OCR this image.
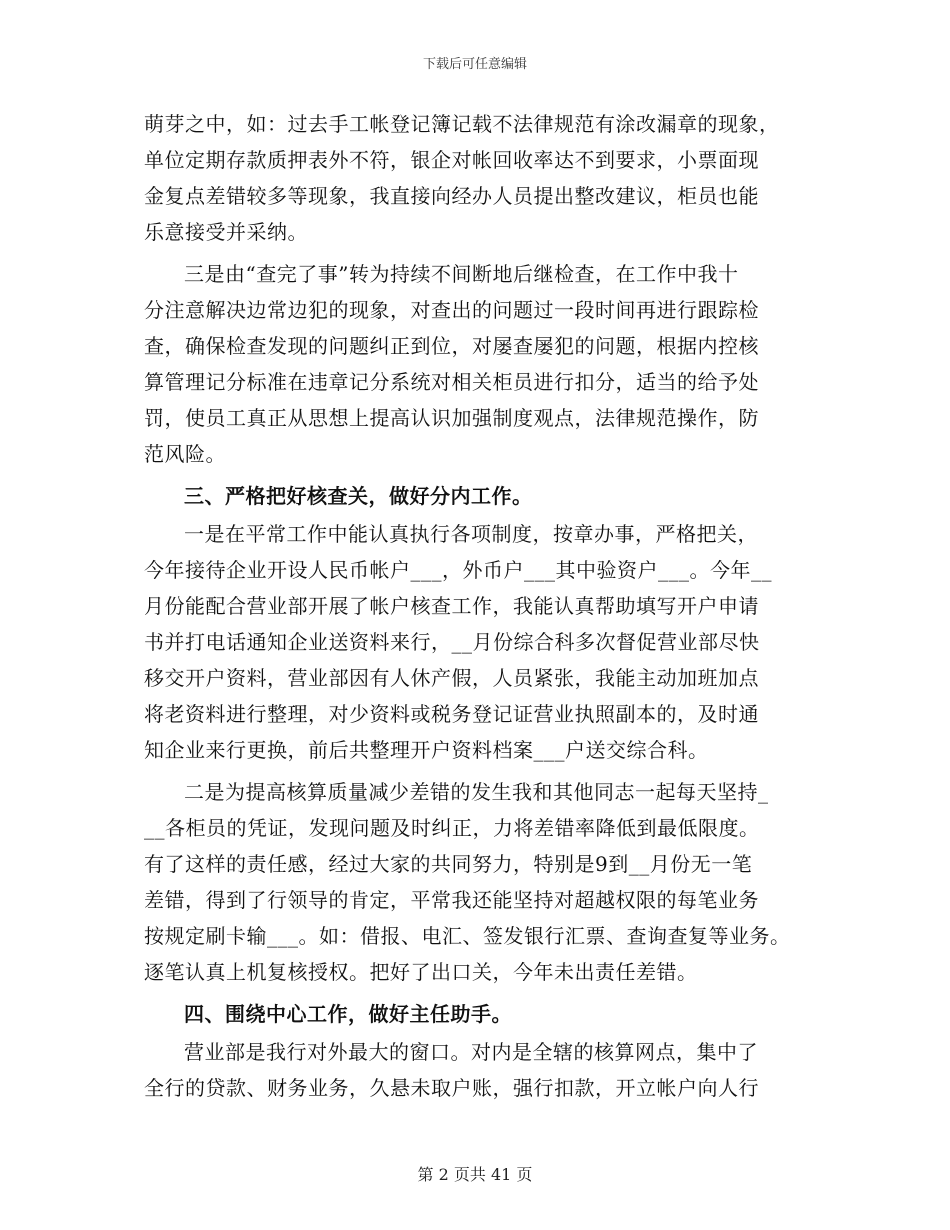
下载后可任意编辑
萌芽之中，如：过去手工帐登记簿记载不法律规范有涂改漏章的现象，
单位定期存款质押表外不符，银企对帐回收率达不到要求，小票面现
金复点差错较多等现象，我直接向经办人员提出整改建议，柜员也能
乐意接受并采纳。
三是由“查完了事”转为持续不间断地后继检查，在工作中我十
分注意解决边常边犯的现象，对查出的问题过一段时间再进行跟踪检
查，确保检查发现的问题纠正到位，对屡查屡犯的问题，根据内控核
算管理记分标准在违章记分系统对相关柜员进行扣分，适当的给予处
罚，使员工真正从思想上提高认识加强制度观点，法律规范操作，防
范风险。
三、严格把好核查关，做好分内工作。
一是在平常工作中能认真执行各项制度，按章办事，严格把关，
今年接待企业开设人民币帐户___，外币户___其中验资户___。今年__
月份能配合营业部开展了帐户核查工作，我能认真帮助填写开户申请
书并打电话通知企业送资料来行，__月份综合科多次督促营业部尽快
移交开户资料，营业部因有人休产假，人员紧张，我能主动加班加点
将老资料进行整理，对少资料或税务登记证营业执照副本的，及时通
知企业来行更换，前后共整理开户资料档案___户送交综合科。
二是为提高核算质量减少差错的发生我和其他同志一起每天坚持_
__各柜员的凭证，发现问题及时纠正，力将差错率降低到最低限度。
有了这样的责任感，经过大家的共同努力，特别是9到__月份无一笔
差错，得到了行领导的肯定，平常我还能坚持对超越权限的每笔业务
按规定刷卡输___。如：借报、电汇、签发银行汇票、查询查复等业务。
逐笔认真上机复核授权。把好了出口关，今年未出责任差错。
四、围绕中心工作，做好主任助手。
营业部是我行对外最大的窗口。对内是全辖的核算网点，集中了
全行的贷款、财务业务，久悬未取户账，强行扣款，开立帐户向人行
第 2 页共 41 页
